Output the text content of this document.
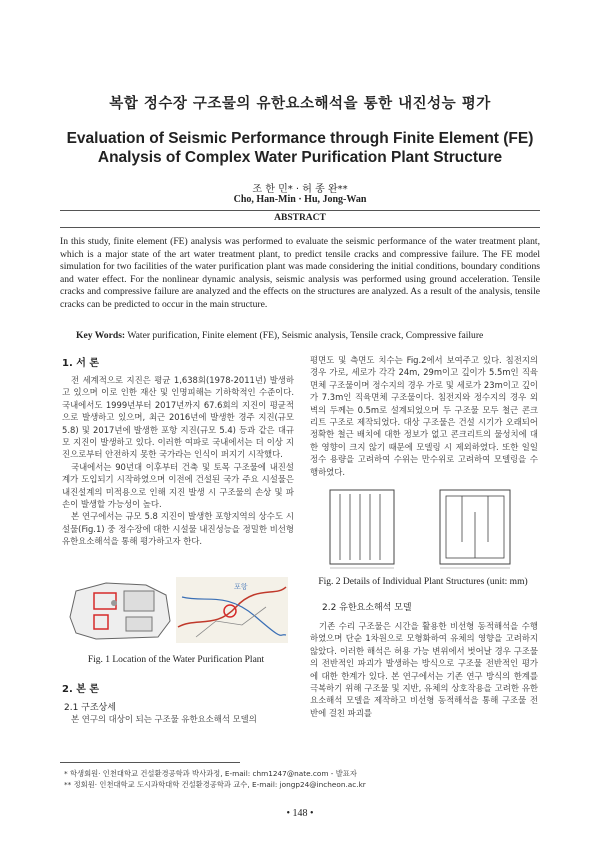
복합 정수장 구조물의 유한요소해석을 통한 내진성능 평가
Evaluation of Seismic Performance through Finite Element (FE) Analysis of Complex Water Purification Plant Structure
조 한 민* · 허 종 완**
Cho, Han-Min · Hu, Jong-Wan
ABSTRACT
In this study, finite element (FE) analysis was performed to evaluate the seismic performance of the water treatment plant, which is a major state of the art water treatment plant, to predict tensile cracks and compressive failure. The FE model simulation for two facilities of the water purification plant was made considering the initial conditions, boundary conditions and water effect. For the nonlinear dynamic analysis, seismic analysis was performed using ground acceleration. Tensile cracks and compressive failure are analyzed and the effects on the structures are analyzed. As a result of the analysis, tensile cracks can be predicted to occur in the main structure.
Key Words: Water purification, Finite element (FE), Seismic analysis, Tensile crack, Compressive failure
1. 서 론

전 세계적으로 지진은 평균 1,638회(1978-2011년) 발생하고 있으며 이로 인한 재산 및 인명피해는 기하학적인 수준이다. 국내에서도 1999년부터 2017년까지 67.6회의 지진이 평균적으로 발생하고 있으며, 최근 2016년에 발생한 경주 지진(규모 5.8) 및 2017년에 발생한 포항 지진(규모 5.4) 등과 같은 대규모 지진이 발생하고 있다. 이러한 여파로 국내에서는 더 이상 지진으로부터 안전하지 못한 국가라는 인식이 퍼지기 시작했다.

국내에서는 90년대 이후부터 건축 및 토목 구조물에 내진설계가 도입되기 시작하였으며 이전에 건설된 국가 주요 시설물은 내진설계의 미적용으로 인해 지진 발생 시 구조물의 손상 및 파손이 발생할 가능성이 높다.

본 연구에서는 규모 5.8 지진이 발생한 포항지역의 상수도 시설물(Fig.1) 중 정수장에 대한 시설물 내진성능을 정밀한 비선형 유한요소해석을 통해 평가하고자 한다.

포항
Fig. 1 Location of the Water Purification Plant
2. 본 론
2.1 구조상세

본 연구의 대상이 되는 구조물 유한요소해석 모델의

평면도 및 측면도 치수는 Fig.2에서 보여주고 있다. 침전지의 경우 가로, 세로가 각각 24m, 29m이고 깊이가 5.5m인 직육면체 구조물이며 정수지의 경우 가로 및 세로가 23m이고 깊이가 7.3m인 직육면체 구조물이다. 침전지와 정수지의 경우 외벽의 두께는 0.5m로 설계되었으며 두 구조물 모두 철근 콘크리트 구조로 제작되었다. 대상 구조물은 건설 시기가 오래되어 정확한 철근 배치에 대한 정보가 없고 콘크리트의 물성치에 대한 영향이 크지 않기 때문에 모델링 시 제외하였다. 또한 일일 정수 용량을 고려하여 수위는 만수위로 고려하여 모델링을 수행하였다.

Fig. 2 Details of Individual Plant Structures (unit: mm)
2.2 유한요소해석 모델

기존 수리 구조물은 시간을 활용한 비선형 동적해석을 수행하였으며 단순 1차원으로 모형화하여 유체의 영향을 고려하지 않았다. 이러한 해석은 허용 가능 변위에서 벗어날 경우 구조물의 전반적인 파괴가 발생하는 방식으로 구조물 전반적인 평가에 대한 한계가 있다. 본 연구에서는 기존 연구 방식의 한계를 극복하기 위해 구조물 및 지반, 유체의 상호작용을 고려한 유한요소해석 모델을 제작하고 비선형 동적해석을 통해 구조물 전반에 걸친 파괴를

* 학생회원· 인천대학교 건설환경공학과 박사과정, E-mail: chm1247@nate.com - 발표자
** 정회원· 인천대학교 도시과학대학 건설환경공학과 교수, E-mail: jongp24@incheon.ac.kr
• 148 •
